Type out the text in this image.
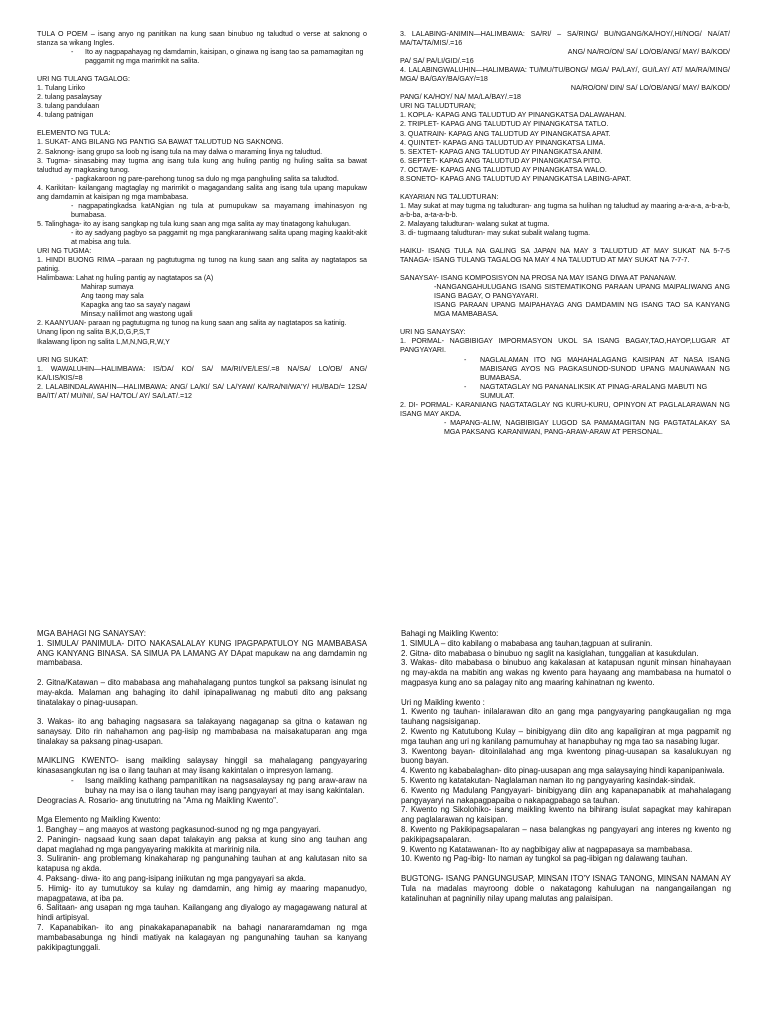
TULA O POEM – isang anyo ng panitikan na kung saan binubuo ng taludtud o verse at saknong o stanza sa wikang Ingles.

- Ito ay nagpapahayag ng damdamin, kaisipan, o ginawa ng isang tao sa pamamagitan ng paggamit ng mga marirrikit na salita.

URI NG TULANG TAGALOG:

1. Tulang Liriko

2. tulang pasalaysay

3. tulang pandulaan

4. tulang patnigan

ELEMENTO NG TULA:

1. SUKAT- ANG BILANG NG PANTIG SA BAWAT TALUDTUD NG SAKNONG.

2. Saknong- isang grupo sa loob ng isang tula na may dalwa o maraming linya ng taludtud.

3. Tugma- sinasabing may tugma ang isang tula kung ang huling pantig ng huling salita sa bawat taludtud ay magkasing tunog.

- pagkakaroon ng pare-parehong tunog sa dulo ng mga panghuling salita sa taludtod.

4. Karikitan- kailangang magtaglay ng marirrikit o magagandang salita ang isang tula upang mapukaw ang damdamin at kaisipan ng mga mambabasa.

- nagpapatingkadsa katANgian ng tula at pumupukaw sa mayamang imahinasyon ng bumabasa.

5. Talinghaga- ito ay isang sangkap ng tula kung saan ang mga salita ay may tinatagong kahulugan.

- ito ay sadyang pagbyo sa paggamit ng mga pangkaraniwang salita upang maging kaakit-akit at mabisa ang tula.

URI NG TUGMA:

1. HINDI BUONG RIMA –paraan ng pagtutugma ng tunog na kung saan ang salita ay nagtatapos sa patinig.

Halimbawa: Lahat ng huling pantig ay nagtatapos sa (A)

Mahirap sumaya

Ang taong may sala

Kapagka ang tao sa saya'y nagawi

Minsa;y nalilimot ang wastong ugali

2. KAANYUAN- paraan ng pagtutugma ng tunog na kung saan ang salita ay nagtatapos sa katinig.

Unang lipon ng salita B,K,D,G,P,S,T

Ikalawang lipon ng salita L,M,N,NG,R,W,Y

URI NG SUKAT:

1. WAWALUHIN—HALIMBAWA: IS/DA/ KO/ SA/ MA/RI/VE/LES/.=8 NA/SA/ LO/OB/ ANG/ KA/LIS/KIS/=8

2. LALABINDALAWAHIN—HALIMBAWA: ANG/ LA/KI/ SA/ LA/YAW/ KA/RA/NI/WA'Y/ HU/BAD/= 12SA/ BA/IT/ AT/ MU/NI/, SA/ HA/TOL/ AY/ SA/LAT/.=12

3. LALABING-ANIMIN—HALIMBAWA: SA/RI/ – SA/RING/ BU/NGANG/KA/HOY/,HI/NOG/ NA/AT/ MA/TA/TA/MIS/.=16

ANG/ NA/RO/ON/ SA/ LO/OB/ANG/ MAY/ BA/KOD/

PA/ SA/ PA/LI/GID/.=16

4. LALABINGWALUHIN—HALIMBAWA: TU/MU/TU/BONG/ MGA/ PA/LAY/, GU/LAY/ AT/ MA/RA/MING/ MGA/ BA/GAY/BA/GAY/=18

NA/RO/ON/ DIN/ SA/ LO/OB/ANG/ MAY/ BA/KOD/

PANG/ KA/HOY/ NA/ MA/LA/BAY/.=18

URI NG TALUDTURAN;

1. KOPLA- KAPAG ANG TALUDTUD AY PINANGKATSA DALAWAHAN.

2. TRIPLET- KAPAG ANG TALUDTUD AY PINANGKATSA TATLO.

3. QUATRAIN- KAPAG ANG TALUDTUD AY PINANGKATSA APAT.

4. QUINTET- KAPAG ANG TALUDTUD AY PINANGKATSA LIMA.

5. SEXTET- KAPAG ANG TALUDTUD AY PINANGKATSA ANIM.

6. SEPTET- KAPAG ANG TALUDTUD AY PINANGKATSA PITO.

7. OCTAVE- KAPAG ANG TALUDTUD AY PINANGKATSA WALO.

8.SONETO- KAPAG ANG TALUDTUD AY PINANGKATSA LABING-APAT.

KAYARIAN NG TALUDTURAN:

1. May sukat at may tugma ng taludturan- ang tugma sa hulihan ng taludtud ay maaring a-a-a-a, a-b-a-b, a-b-ba, a-ta-a-b-b.

2. Malayang taludturan- walang sukat at tugma.

3. di- tugmaang taludturan- may sukat subalit walang tugma.

HAIKU- ISANG TULA NA GALING SA JAPAN NA MAY 3 TALUDTUD AT MAY SUKAT NA 5-7-5 TANAGA- ISANG TULANG TAGALOG NA MAY 4 NA TALUDTUD AT MAY SUKAT NA 7-7-7.

SANAYSAY- ISANG KOMPOSISYON NA PROSA NA MAY ISANG DIWA AT PANANAW.

-NANGANGAHULUGANG ISANG SISTEMATIKONG PARAAN UPANG MAIPALIWANG ANG ISANG BAGAY, O PANGYAYARI.

ISANG PARAAN UPANG MAIPAHAYAG ANG DAMDAMIN NG ISANG TAO SA KANYANG MGA MAMBABASA.

URI NG SANAYSAY:

1. PORMAL- NAGBIBIGAY IMPORMASYON UKOL SA ISANG BAGAY,TAO,HAYOP,LUGAR AT PANGYAYARI.

- NAGLALAMAN ITO NG MAHAHALAGANG KAISIPAN AT NASA ISANG MABISANG AYOS NG PAGKASUNOD-SUNOD UPANG MAUNAWAAN NG BUMABASA.

- NAGTATAGLAY NG PANANALIKSIK AT PINAG-ARALANG MABUTI NG SUMULAT.

2. DI- PORMAL- KARANIANG NAGTATAGLAY NG KURU-KURU, OPINYON AT PAGLALARAWAN NG ISANG MAY AKDA.

- MAPANG-ALIW, NAGBIBIGAY LUGOD SA PAMAMAGITAN NG PAGTATALAKAY SA MGA PAKSANG KARANIWAN, PANG-ARAW-ARAW AT PERSONAL.

MGA BAHAGI NG SANAYSAY:

1. SIMULA/ PANIMULA- DITO NAKASALALAY KUNG IPAGPAPATULOY NG MAMBABASA ANG KANYANG BINASA. SA SIMUA PA LAMANG AY DApat mapukaw na ang damdamin ng mambabasa.

2. Gitna/Katawan – dito mababasa ang mahahalagang puntos tungkol sa paksang isinulat ng may-akda. Malaman ang bahaging ito dahil ipinapaliwanag ng mabuti dito ang paksang tinatalakay o pinag-uusapan.

3. Wakas- ito ang bahaging nagsasara sa talakayang nagaganap sa gitna o katawan ng sanaysay. Dito rin nahahamon ang pag-iisip ng mambabasa na maisakatuparan ang mga tinalakay sa paksang pinag-usapan.

MAIKLING KWENTO- isang maikling salaysay hinggil sa mahalagang pangyayaring kinasasangkutan ng isa o ilang tauhan at may iisang kakintalan o impresyon lamang.

- Isang maikling kathang pampanitikan na nagsasalaysay ng pang araw-araw na buhay na may isa o ilang tauhan may isang pangyayari at may isang kakintalan.

Deogracias A. Rosario- ang tinututring na "Ama ng Maikling Kwento".

Mga Elemento ng Maikling Kwento:

1. Banghay – ang maayos at wastong pagkasunod-sunod ng ng mga pangyayari.

2. Paningin- nagsaad kung saan dapat talakayin ang paksa at kung sino ang tauhan ang dapat maglahad ng mga pangyayaring makikita at maririnig nila.

3. Suliranin- ang problemang kinakaharap ng pangunahing tauhan at ang kalutasan nito sa katapusa ng akda.

4. Paksang- diwa- ito ang pang-isipang iniikutan ng mga pangyayari sa akda.

5. Himig- ito ay tumutukoy sa kulay ng damdamin, ang himig ay maaring mapanudyo, mapagpatawa, at iba pa.

6. Salitaan- ang usapan ng mga tauhan. Kailangang ang diyalogo ay magagawang natural at hindi artipisyal.

7. Kapanabikan- ito ang pinakakapanapanabik na bahagi nanararamdaman ng mga mambabasabunga ng hindi matiyak na kalagayan ng pangunahing tauhan sa kanyang pakikipagtunggali.

Bahagi ng Maikling Kwento:

1. SIMULA – dito kabilang o mababasa ang tauhan,tagpuan at suliranin.

2. Gitna- dito mababasa o binubuo ng saglit na kasiglahan, tunggalian at kasukdulan.

3. Wakas- dito mababasa o binubuo ang kakalasan at katapusan ngunit minsan hinahayaan ng may-akda na mabitin ang wakas ng kwento para hayaang ang mambabasa na humatol o magpasya kung ano sa palagay nito ang maaring kahinatnan ng kwento.

Uri ng Maikling kwento :

1. Kwento ng tauhan- inilalarawan dito an gang mga pangyayaring pangkaugalian ng mga tauhang nagsisiganap.

2. Kwento ng Katutubong Kulay – binibigyang diin dito ang kapaligiran at mga pagpamit ng mga tauhan ang uri ng kanilang pamumuhay at hanapbuhay ng mga tao sa nasabing lugar.

3. Kwentong bayan- ditoinilalahad ang mga kwentong pinag-uusapan sa kasalukuyan ng buong bayan.

4. Kwento ng kababalaghan- dito pinag-uusapan ang mga salaysaying hindi kapanipaniwala.

5. Kwento ng katatakutan- Naglalaman naman ito ng pangyayaring kasindak-sindak.

6. Kwento ng Madulang Pangyayari- binibigyang diin ang kapanapanabik at mahahalagang pangyayaryi na nakapagpapaiba o nakapagpabago sa tauhan.

7. Kwento ng Sikolohiko- isang maikling kwento na bihirang isulat sapagkat may kahirapan ang paglalarawan ng kaisipan.

8. Kwento ng Pakikipagsapalaran – nasa balangkas ng pangyayari ang interes ng kwento ng pakikipagsapalaran.

9. Kwento ng Katatawanan- Ito ay nagbibigay aliw at nagpapasaya sa mambabasa.

10. Kwento ng Pag-ibig- Ito naman ay tungkol sa pag-iibigan ng dalawang tauhan.

BUGTONG- ISANG PANGUNGUSAP, MINSAN ITO'Y ISNAG TANONG, MINSAN NAMAN AY Tula na madalas mayroong doble o nakatagong kahulugan na nangangailangan ng katalinuhan at pagniniliy nilay upang malutas ang palaisipan.
